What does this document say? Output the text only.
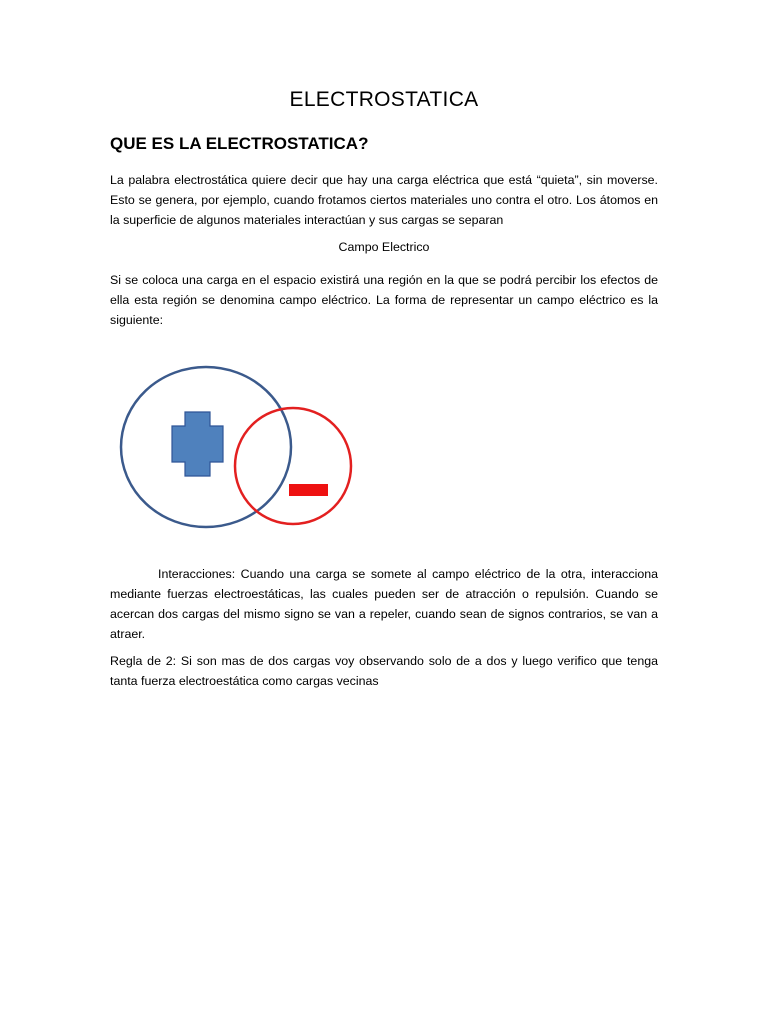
ELECTROSTATICA
QUE ES LA ELECTROSTATICA?
La palabra electrostática quiere decir que hay una carga eléctrica que está “quieta”, sin moverse. Esto se genera, por ejemplo, cuando frotamos ciertos materiales uno contra el otro. Los átomos en la superficie de algunos materiales interactúan y sus cargas se separan
Campo Electrico
Si se coloca una carga en el espacio existirá una región en la que se podrá percibir los efectos de ella esta región se denomina campo eléctrico. La forma de representar un campo eléctrico es la siguiente:
Interacciones: Cuando una carga se somete al campo eléctrico de la otra, interacciona mediante fuerzas electroestáticas, las cuales pueden ser de atracción o repulsión. Cuando se acercan dos cargas del mismo signo se van a repeler, cuando sean de signos contrarios, se van a atraer.
Regla de 2: Si son mas de dos cargas voy observando solo de a dos y luego verifico que tenga tanta fuerza electroestática como cargas vecinas
